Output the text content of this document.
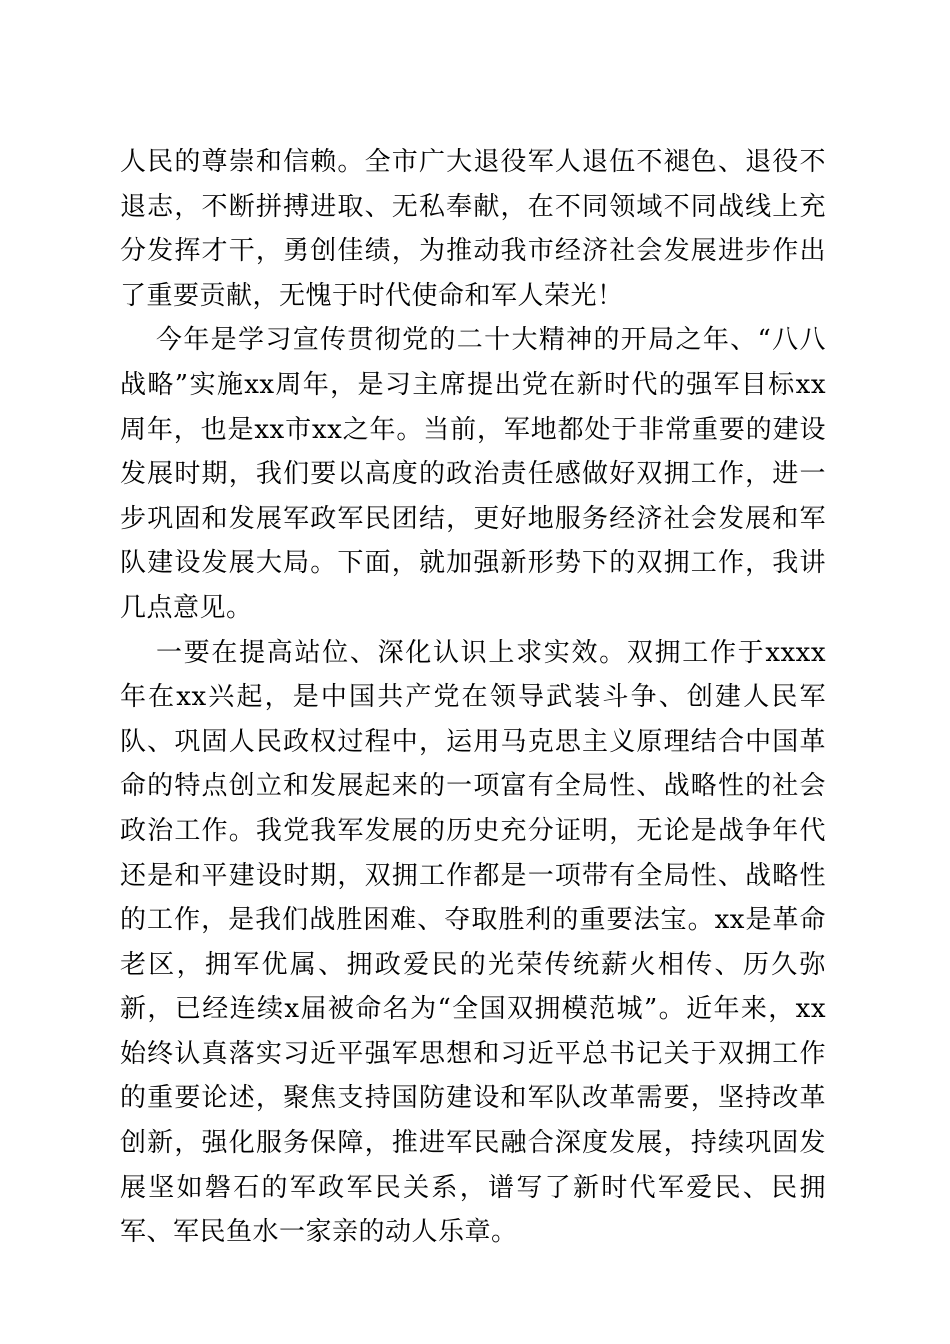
人民的尊崇和信赖。全市广大退役军人退伍不褪色、退役不退志，不断拼搏进取、无私奉献，在不同领域不同战线上充分发挥才干，勇创佳绩，为推动我市经济社会发展进步作出了重要贡献，无愧于时代使命和军人荣光！

今年是学习宣传贯彻党的二十大精神的开局之年、“八八战略”实施xx周年，是习主席提出党在新时代的强军目标xx周年，也是xx市xx之年。当前，军地都处于非常重要的建设发展时期，我们要以高度的政治责任感做好双拥工作，进一步巩固和发展军政军民团结，更好地服务经济社会发展和军队建设发展大局。下面，就加强新形势下的双拥工作，我讲几点意见。

一要在提高站位、深化认识上求实效。双拥工作于xxxx年在xx兴起，是中国共产党在领导武装斗争、创建人民军队、巩固人民政权过程中，运用马克思主义原理结合中国革命的特点创立和发展起来的一项富有全局性、战略性的社会政治工作。我党我军发展的历史充分证明，无论是战争年代还是和平建设时期，双拥工作都是一项带有全局性、战略性的工作，是我们战胜困难、夺取胜利的重要法宝。xx是革命老区，拥军优属、拥政爱民的光荣传统薪火相传、历久弥新，已经连续x届被命名为“全国双拥模范城”。近年来，xx始终认真落实习近平强军思想和习近平总书记关于双拥工作的重要论述，聚焦支持国防建设和军队改革需要，坚持改革创新，强化服务保障，推进军民融合深度发展，持续巩固发展坚如磐石的军政军民关系，谱写了新时代军爱民、民拥军、军民鱼水一家亲的动人乐章。
